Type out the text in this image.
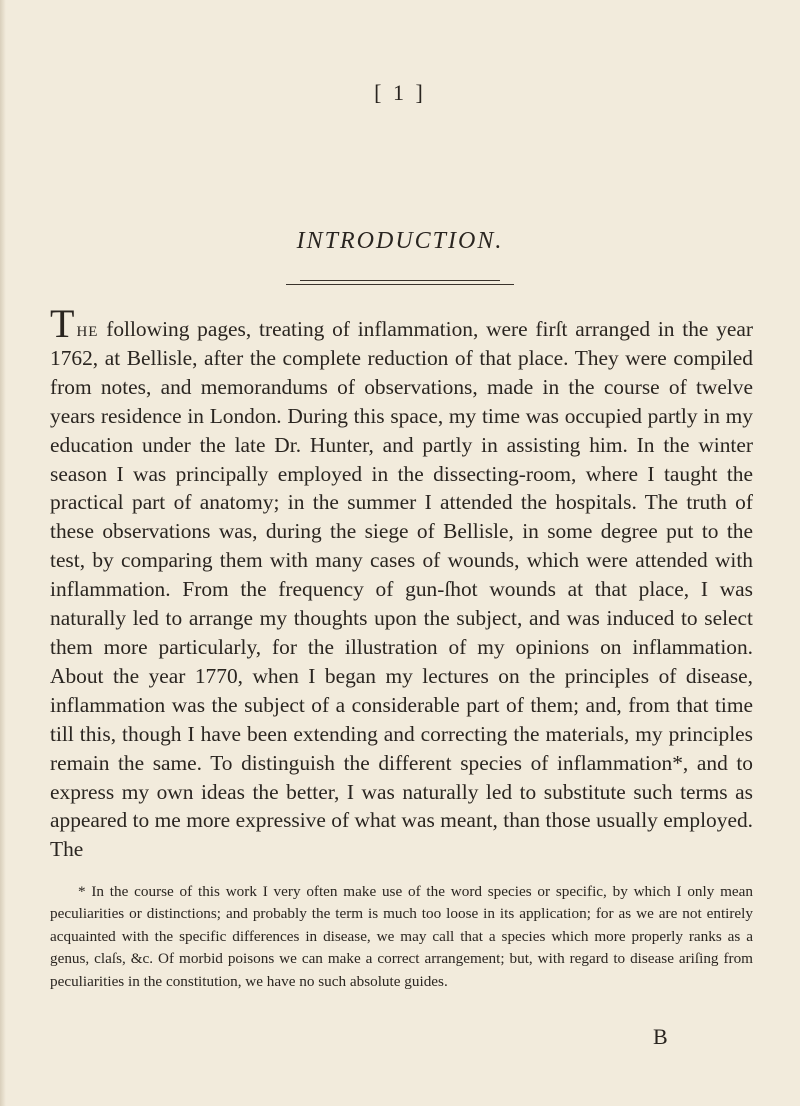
[ 1 ]
INTRODUCTION.

The following pages, treating of inflammation, were firſt arranged in the year 1762, at Bellisle, after the complete reduction of that place. They were compiled from notes, and memorandums of observations, made in the course of twelve years residence in London. During this space, my time was occupied partly in my education under the late Dr. Hunter, and partly in assisting him. In the winter season I was principally employed in the dissecting-room, where I taught the practical part of anatomy; in the summer I attended the hospitals. The truth of these observations was, during the siege of Bellisle, in some degree put to the test, by comparing them with many cases of wounds, which were attended with inflammation. From the frequency of gun-ſhot wounds at that place, I was naturally led to arrange my thoughts upon the subject, and was induced to select them more particularly, for the illustration of my opinions on inflammation. About the year 1770, when I began my lectures on the principles of disease, inflammation was the subject of a considerable part of them; and, from that time till this, though I have been extending and correcting the materials, my principles remain the same. To distinguish the different species of inflammation*, and to express my own ideas the better, I was naturally led to substitute such terms as appeared to me more expressive of what was meant, than those usually employed. The

* In the course of this work I very often make use of the word species or specific, by which I only mean peculiarities or distinctions; and probably the term is much too loose in its application; for as we are not entirely acquainted with the specific differences in disease, we may call that a species which more properly ranks as a genus, claſs, &c. Of morbid poisons we can make a correct arrangement; but, with regard to disease ariſing from peculiarities in the constitution, we have no such absolute guides.

B
